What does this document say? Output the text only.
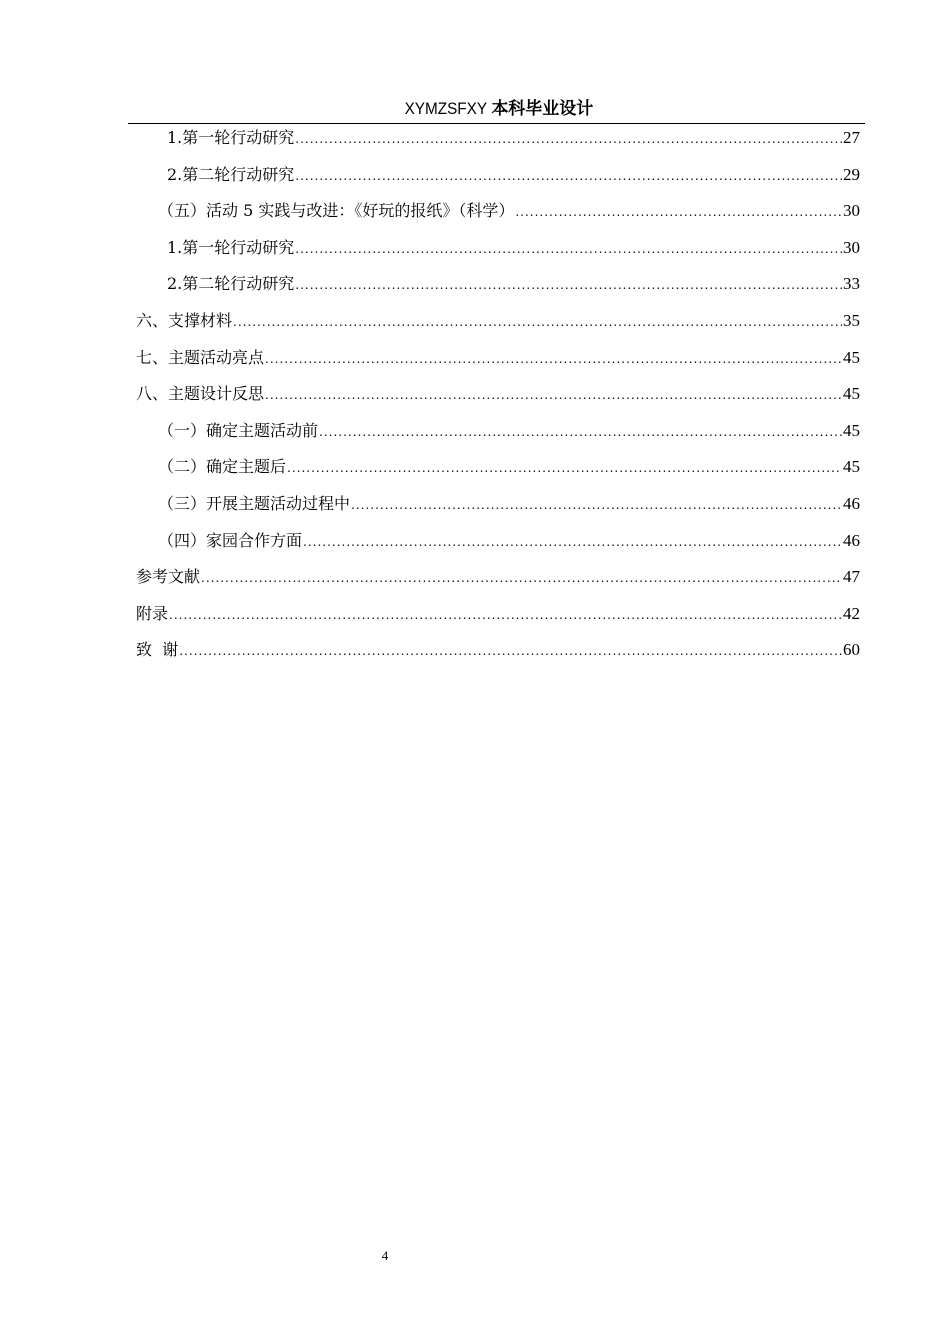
XYMZSFXY 本科毕业设计
1.第一轮行动研究 .....	27
2.第二轮行动研究 .....	29
（五）活动 5 实践与改进：《好玩的报纸》（科学） .....	30
1.第一轮行动研究 .....	30
2.第二轮行动研究 .....	33
六、支撑材料 .....	35
七、主题活动亮点 .....	45
八、主题设计反思 .....	45
（一）确定主题活动前 .....	45
（二）确定主题后 .....	45
（三）开展主题活动过程中 .....	46
（四）家园合作方面 .....	46
参考文献 .....	47
附录 .....	42
致  谢 .....	60
4
